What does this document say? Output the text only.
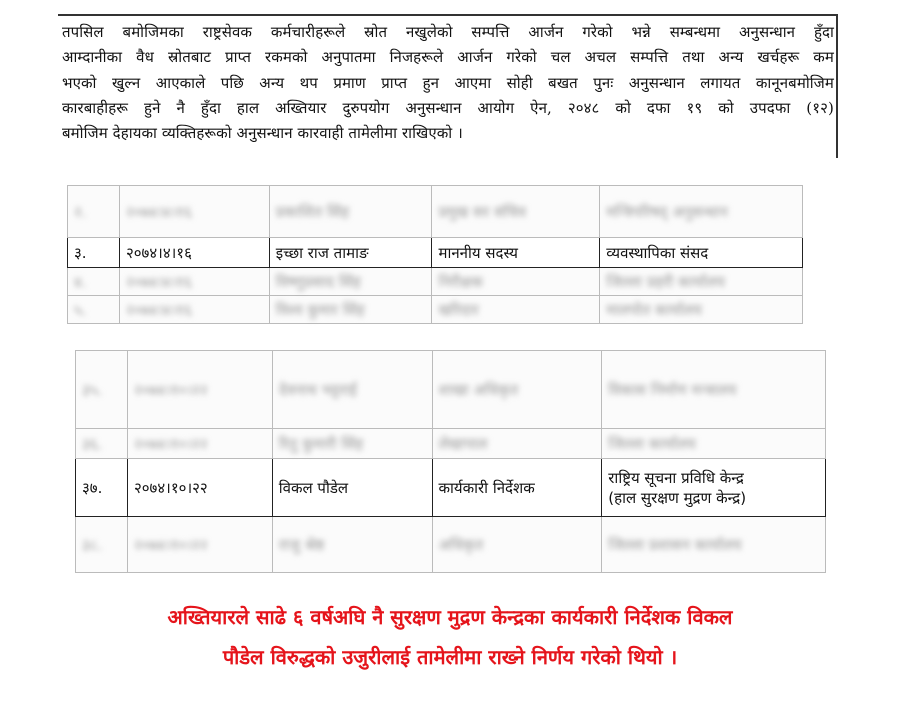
तपसिल बमोजिमका राष्ट्रसेवक कर्मचारीहरूले स्रोत नखुलेको सम्पत्ति आर्जन गरेको भन्ने सम्बन्धमा अनुसन्धान हुँदा
आम्दानीका वैध स्रोतबाट प्राप्त रकमको अनुपातमा निजहरूले आर्जन गरेको चल अचल सम्पत्ति तथा अन्य खर्चहरू कम
भएको खुल्न आएकाले पछि अन्य थप प्रमाण प्राप्त हुन आएमा सोही बखत पुनः अनुसन्धान लगायत कानूनबमोजिम
कारबाहीहरू हुने नै हुँदा हाल अख्तियार दुरुपयोग अनुसन्धान आयोग ऐन, २०४८ को दफा १९ को उपदफा (१२)
बमोजिम देहायका व्यक्तिहरूको अनुसन्धान कारवाही तामेलीमा राखिएको ।
२.	२०७४।४।१६	प्रकाशित सिंह	प्रमुख सर संचिव	मन्त्रिपरिषद् अनुसन्धान

३.	२०७४।४।१६	इच्छा राज तामाङ	माननीय सदस्य	व्यवस्थापिका संसद

४.	२०७४।४।१६	विष्णुप्रसाद सिंह	निरीक्षक	जिल्ला प्रहरी कार्यालय

५.	२०७४।४।१६	विश्व कुमार सिंह	खरिदार	मालपोत कार्यालय
३५.	२०७४।१०।२२	देवनाथ भट्टराई	शाखा अधिकृत	विकास निर्माण मन्त्रालय

३६.	२०७४।१०।२२	रितु कुमारी सिंह	लेखापाल	जिल्ला कार्यालय

३७.	२०७४।१०।२२	विकल पौडेल	कार्यकारी निर्देशक	राष्ट्रिय सूचना प्रविधि केन्द्र
(हाल सुरक्षण मुद्रण केन्द्र)

३८.	२०७४।१०।२२	राजु श्रेष्ठ	अधिकृत	जिल्ला प्रशासन कार्यालय
अख्तियारले साढे ६ वर्षअघि नै सुरक्षण मुद्रण केन्द्रका कार्यकारी निर्देशक विकल
पौडेल विरुद्धको उजुरीलाई तामेलीमा राख्ने निर्णय गरेको थियो ।
